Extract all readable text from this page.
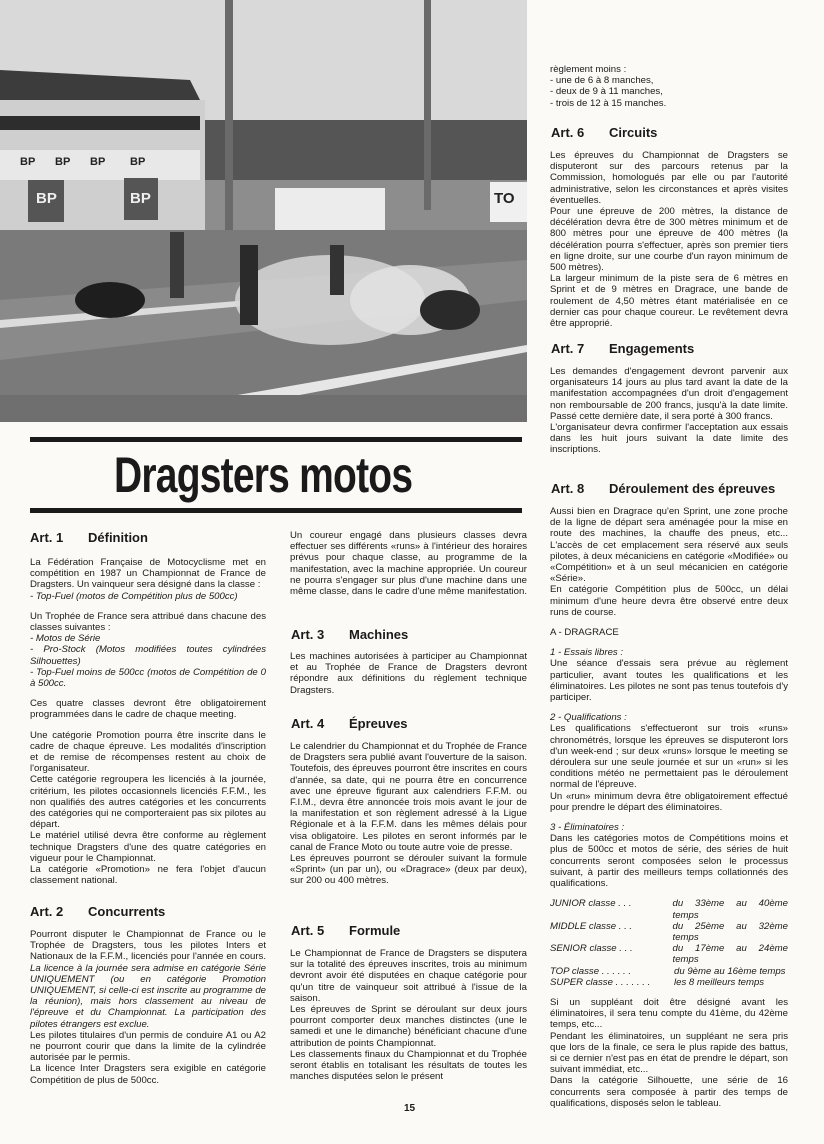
BP BP BP BP
BP	BP	TO
Dragsters motos
Art. 1 Définition

La Fédération Française de Motocyclisme met en compétition en 1987 un Championnat de France de Dragsters. Un vainqueur sera désigné dans la classe :

- Top-Fuel (motos de Compétition plus de 500cc)

Un Trophée de France sera attribué dans chacune des classes suivantes :

- Motos de Série

- Pro-Stock (Motos modifiées toutes cylindrées Silhouettes)

- Top-Fuel moins de 500cc (motos de Compétition de 0 à 500cc.

Ces quatre classes devront être obligatoirement programmées dans le cadre de chaque meeting.

Une catégorie Promotion pourra être inscrite dans le cadre de chaque épreuve. Les modalités d'inscription et de remise de récompenses restent au choix de l'organisateur.

Cette catégorie regroupera les licenciés à la journée, critérium, les pilotes occasionnels licenciés F.F.M., les non qualifiés des autres catégories et les concurrents des catégories qui ne comporteraient pas six pilotes au départ.

Le matériel utilisé devra être conforme au règlement technique Dragsters d'une des quatre catégories en vigueur pour le Championnat.

La catégorie «Promotion» ne fera l'objet d'aucun classement national.

Art. 2 Concurrents

Pourront disputer le Championnat de France ou le Trophée de Dragsters, tous les pilotes Inters et Nationaux de la F.F.M., licenciés pour l'année en cours. La licence à la journée sera admise en catégorie Série UNIQUEMENT (ou en catégorie Promotion UNIQUEMENT, si celle-ci est inscrite au programme de la réunion), mais hors classement au niveau de l'épreuve et du Championnat. La participation des pilotes étrangers est exclue.

Les pilotes titulaires d'un permis de conduire A1 ou A2 ne pourront courir que dans la limite de la cylindrée autorisée par le permis.

La licence Inter Dragsters sera exigible en catégorie Compétition de plus de 500cc.

Un coureur engagé dans plusieurs classes devra effectuer ses différents «runs» à l'intérieur des horaires prévus pour chaque classe, au programme de la manifestation, avec la machine appropriée. Un coureur ne pourra s'engager sur plus d'une machine dans une même classe, dans le cadre d'une même manifestation.

Art. 3 Machines

Les machines autorisées à participer au Championnat et au Trophée de France de Dragsters devront répondre aux définitions du règlement technique Dragsters.

Art. 4 Épreuves

Le calendrier du Championnat et du Trophée de France de Dragsters sera publié avant l'ouverture de la saison. Toutefois, des épreuves pourront être inscrites en cours d'année, sa date, qui ne pourra être en concurrence avec une épreuve figurant aux calendriers F.F.M. ou F.I.M., devra être annoncée trois mois avant le jour de la manifestation et son règlement adressé à la Ligue Régionale et à la F.F.M. dans les mêmes délais pour visa obligatoire. Les pilotes en seront informés par le canal de France Moto ou toute autre voie de presse.

Les épreuves pourront se dérouler suivant la formule «Sprint» (un par un), ou «Dragrace» (deux par deux), sur 200 ou 400 mètres.

Art. 5 Formule

Le Championnat de France de Dragsters se disputera sur la totalité des épreuves inscrites, trois au minimum devront avoir été disputées en chaque catégorie pour qu'un titre de vainqueur soit attribué à l'issue de la saison.

Les épreuves de Sprint se déroulant sur deux jours pourront comporter deux manches distinctes (une le samedi et une le dimanche) bénéficiant chacune d'une attribution de points Championnat.

Les classements finaux du Championnat et du Trophée seront établis en totalisant les résultats de toutes les manches disputées selon le présent

règlement moins :

- une de 6 à 8 manches,

- deux de 9 à 11 manches,

- trois de 12 à 15 manches.

Art. 6 Circuits

Les épreuves du Championnat de Dragsters se disputeront sur des parcours retenus par la Commission, homologués par elle ou par l'autorité administrative, selon les circonstances et après visites éventuelles.

Pour une épreuve de 200 mètres, la distance de décélération devra être de 300 mètres minimum et de 800 mètres pour une épreuve de 400 mètres (la décélération pourra s'effectuer, après son premier tiers en ligne droite, sur une courbe d'un rayon minimum de 500 mètres).

La largeur minimum de la piste sera de 6 mètres en Sprint et de 9 mètres en Dragrace, une bande de roulement de 4,50 mètres étant matérialisée en ce dernier cas pour chaque coureur. Le revêtement devra être approprié.

Art. 7 Engagements

Les demandes d'engagement devront parvenir aux organisateurs 14 jours au plus tard avant la date de la manifestation accompagnées d'un droit d'engagement non remboursable de 200 francs, jusqu'à la date limite. Passé cette dernière date, il sera porté à 300 francs.

L'organisateur devra confirmer l'acceptation aux essais dans les huit jours suivant la date limite des inscriptions.

Art. 8 Déroulement des épreuves

Aussi bien en Dragrace qu'en Sprint, une zone proche de la ligne de départ sera aménagée pour la mise en route des machines, la chauffe des pneus, etc... L'accès de cet emplacement sera réservé aux seuls pilotes, à deux mécaniciens en catégorie «Modifiée» ou «Compétition» et à un seul mécanicien en catégorie «Série».

En catégorie Compétition plus de 500cc, un délai minimum d'une heure devra être observé entre deux runs de course.

A - DRAGRACE

1 - Essais libres :

Une séance d'essais sera prévue au règlement particulier, avant toutes les qualifications et les éliminatoires. Les pilotes ne sont pas tenus toutefois d'y participer.

2 - Qualifications :

Les qualifications s'effectueront sur trois «runs» chronométrés, lorsque les épreuves se disputeront lors d'un week-end ; sur deux «runs» lorsque le meeting se déroulera sur une seule journée et sur un «run» si les conditions météo ne permettaient pas le déroulement normal de l'épreuve.

Un «run» minimum devra être obligatoirement effectué pour prendre le départ des éliminatoires.

3 - Éliminatoires :

Dans les catégories motos de Compétitions moins et plus de 500cc et motos de série, des séries de huit concurrents seront composées selon le processus suivant, à partir des meilleurs temps collationnés des qualifications.

JUNIOR classe . . .	du 33ème au 40ème temps
MIDDLE classe . . .	du 25ème au 32ème temps
SENIOR classe . . .	du 17ème au 24ème temps
TOP classe . . . . . .	du 9ème au 16ème temps
SUPER classe . . . . . . .	les 8 meilleurs temps

Si un suppléant doit être désigné avant les éliminatoires, il sera tenu compte du 41ème, du 42ème temps, etc...

Pendant les éliminatoires, un suppléant ne sera pris que lors de la finale, ce sera le plus rapide des battus, si ce dernier n'est pas en état de prendre le départ, son suivant immédiat, etc...

Dans la catégorie Silhouette, une série de 16 concurrents sera composée à partir des temps de qualifications, disposés selon le tableau.

15
